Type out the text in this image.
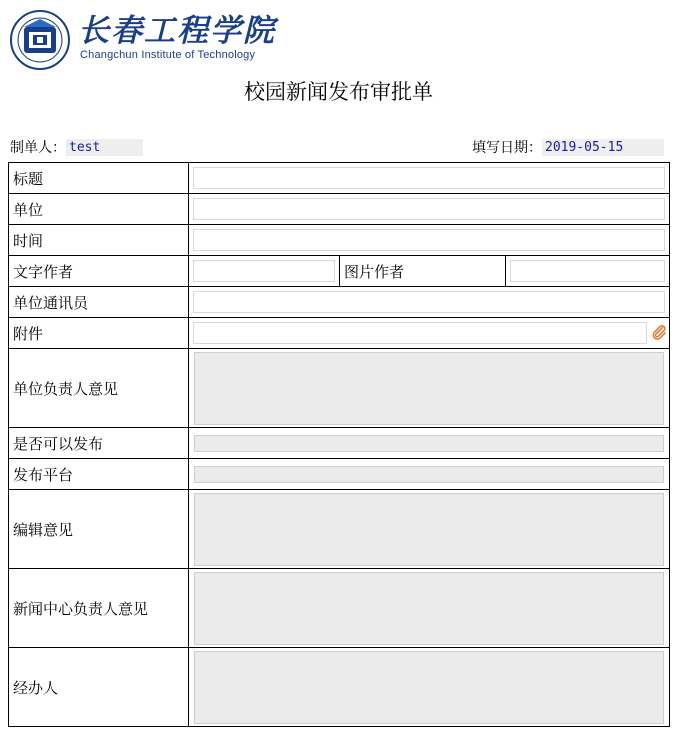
长春工程学院
Changchun Institute of Technology
校园新闻发布审批单
制单人： test	填写日期： 2019-05-15
标题			

单位			

时间			

文字作者		图片作者	

单位通讯员			

附件	

单位负责人意见			

是否可以发布			

发布平台			

编辑意见			

新闻中心负责人意见			

经办人			
